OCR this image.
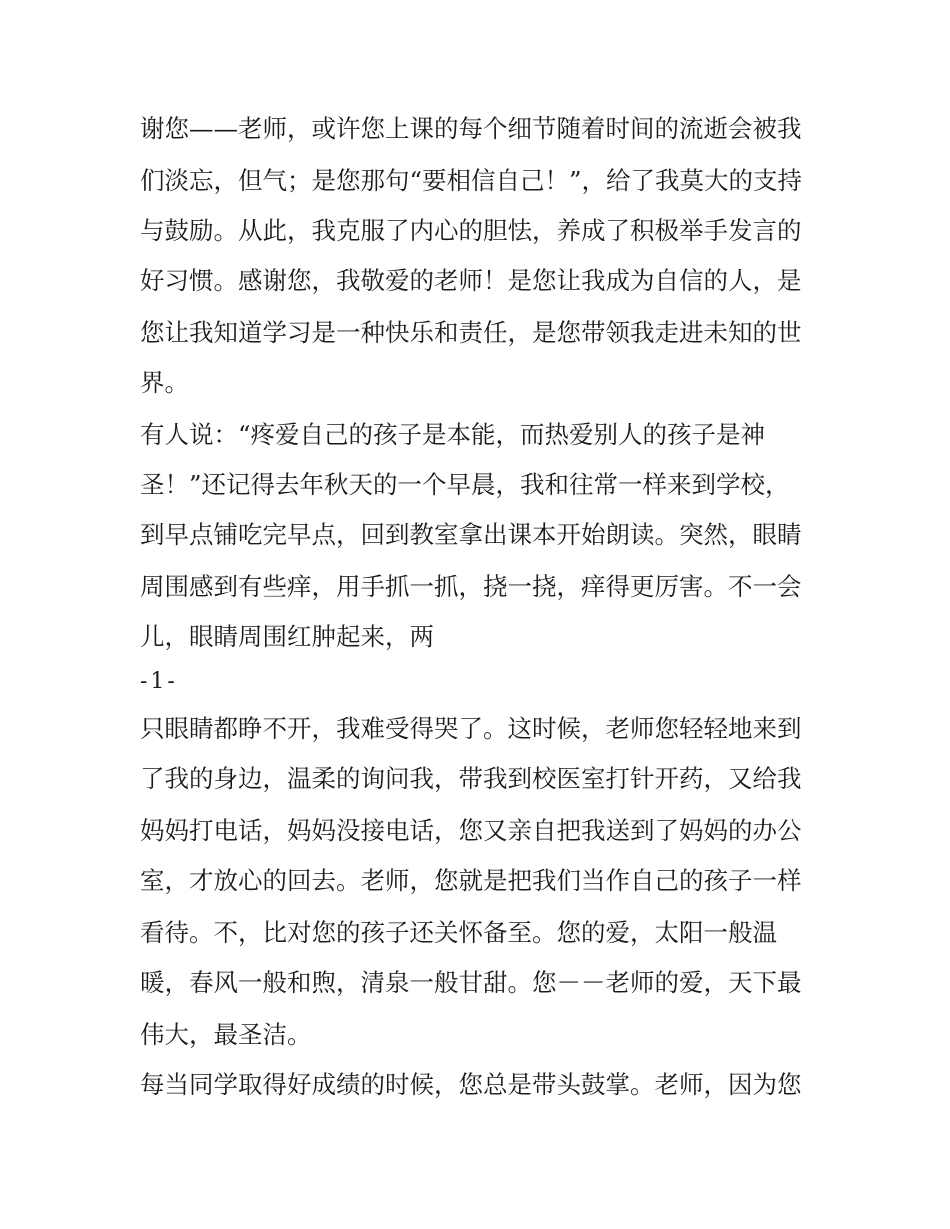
谢您——老师，或许您上课的每个细节随着时间的流逝会被我

们淡忘，但气；是您那句“要相信自己！”，给了我莫大的支持

与鼓励。从此，我克服了内心的胆怯，养成了积极举手发言的

好习惯。感谢您，我敬爱的老师！是您让我成为自信的人，是

您让我知道学习是一种快乐和责任，是您带领我走进未知的世

界。

有人说：“疼爱自己的孩子是本能，而热爱别人的孩子是神

圣！”还记得去年秋天的一个早晨，我和往常一样来到学校，

到早点铺吃完早点，回到教室拿出课本开始朗读。突然，眼睛

周围感到有些痒，用手抓一抓，挠一挠，痒得更厉害。不一会

儿，眼睛周围红肿起来，两

-1-

只眼睛都睁不开，我难受得哭了。这时候，老师您轻轻地来到

了我的身边，温柔的询问我，带我到校医室打针开药，又给我

妈妈打电话，妈妈没接电话，您又亲自把我送到了妈妈的办公

室，才放心的回去。老师，您就是把我们当作自己的孩子一样

看待。不，比对您的孩子还关怀备至。您的爱，太阳一般温

暖，春风一般和煦，清泉一般甘甜。您－－老师的爱，天下最

伟大，最圣洁。

每当同学取得好成绩的时候，您总是带头鼓掌。老师，因为您
